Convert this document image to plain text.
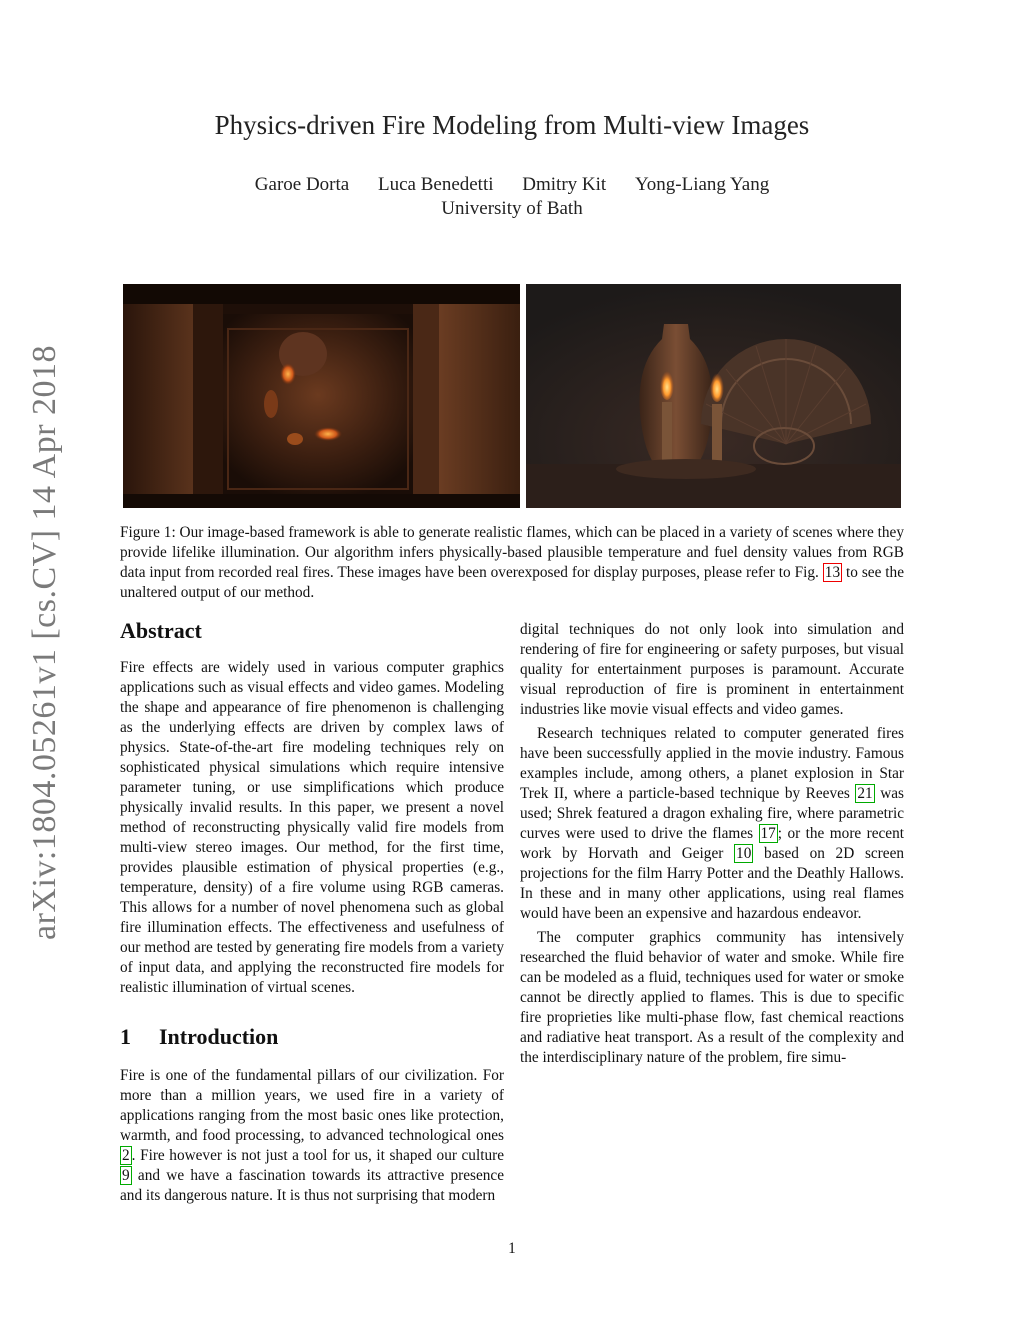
arXiv:1804.05261v1 [cs.CV] 14 Apr 2018
Physics-driven Fire Modeling from Multi-view Images
Garoe Dorta Luca Benedetti Dmitry Kit Yong-Liang Yang
University of Bath
Figure 1: Our image-based framework is able to generate realistic flames, which can be placed in a variety of scenes where they provide lifelike illumination. Our algorithm infers physically-based plausible temperature and fuel density values from RGB data input from recorded real fires. These images have been overexposed for display purposes, please refer to Fig. 13 to see the unaltered output of our method.
Abstract

Fire effects are widely used in various computer graphics applications such as visual effects and video games. Modeling the shape and appearance of fire phenomenon is challenging as the underlying effects are driven by complex laws of physics. State-of-the-art fire modeling techniques rely on sophisticated physical simulations which require intensive parameter tuning, or use simplifications which produce physically invalid results. In this paper, we present a novel method of reconstructing physically valid fire models from multi-view stereo images. Our method, for the first time, provides plausible estimation of physical properties (e.g., temperature, density) of a fire volume using RGB cameras. This allows for a number of novel phenomena such as global fire illumination effects. The effectiveness and usefulness of our method are tested by generating fire models from a variety of input data, and applying the reconstructed fire models for realistic illumination of virtual scenes.

1 Introduction

Fire is one of the fundamental pillars of our civilization. For more than a million years, we used fire in a variety of applications ranging from the most basic ones like protection, warmth, and food processing, to advanced technological ones 2 . Fire however is not just a tool for us, it shaped our culture 9 and we have a fascination towards its attractive presence and its dangerous nature. It is thus not surprising that modern

digital techniques do not only look into simulation and rendering of fire for engineering or safety purposes, but visual quality for entertainment purposes is paramount. Accurate visual reproduction of fire is prominent in entertainment industries like movie visual effects and video games.

Research techniques related to computer generated fires have been successfully applied in the movie industry. Famous examples include, among others, a planet explosion in Star Trek II, where a particle-based technique by Reeves 21 was used; Shrek featured a dragon exhaling fire, where parametric curves were used to drive the flames 17 ; or the more recent work by Horvath and Geiger 10 based on 2D screen projections for the film Harry Potter and the Deathly Hallows. In these and in many other applications, using real flames would have been an expensive and hazardous endeavor.

The computer graphics community has intensively researched the fluid behavior of water and smoke. While fire can be modeled as a fluid, techniques used for water or smoke cannot be directly applied to flames. This is due to specific fire proprieties like multi-phase flow, fast chemical reactions and radiative heat transport. As a result of the complexity and the interdisciplinary nature of the problem, fire simu-

1
